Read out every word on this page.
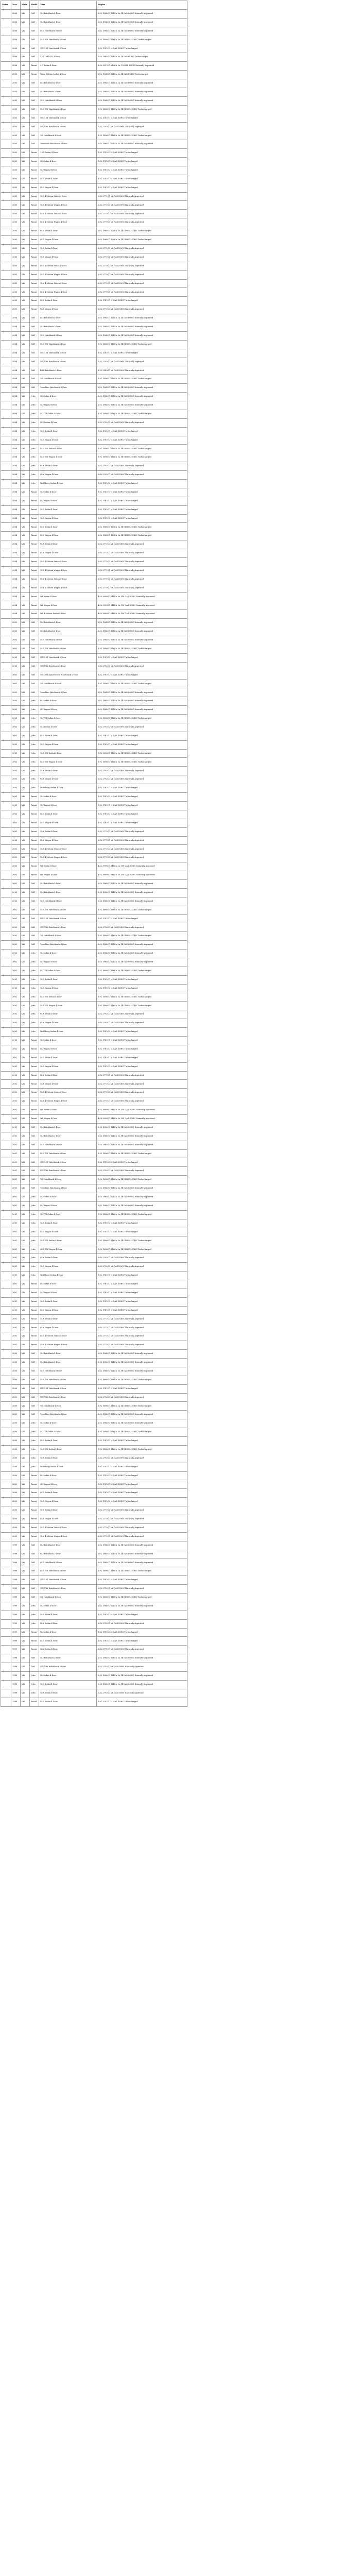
Notes	Year	Make	Model	Trim	Engine
	2006	VW	Golf	GL Hatchback 4-Door	2.0L 1984CC 121Cu. In. l4 GAS SOHC Naturally Aspirated
	2006	VW	Golf	GL Hatchback 2-Door	2.0L 1984CC 121Cu. In. l4 GAS SOHC Naturally Aspirated
	2006	VW	Golf	GLS Hatchback 4-Door	2.0L 1984CC 121Cu. In. l4 GAS SOHC Naturally Aspirated
	2006	VW	Golf	GLS TDI Hatchback 4-Door	1.9L 1896CC 116Cu. In. l4 DIESEL SOHC Turbocharged
	2006	VW	Golf	GTI 1.8T Hatchback 2-Door	1.8L 1781CC l4 GAS DOHC Turbocharged
	2006	VW	Golf	2.0T Golf GTI 2-Door	2.0L 1984CC 121Cu. In. l4 GAS DOHC Turbocharged
	2006	VW	Passat	2.0 Sedan 4-Door	3.6L 3597CC 219Cu. In. V6 GAS DOHC Naturally Aspirated
	2006	VW	Passat	Value Edition Sedan 4-Door	2.0L 1984CC 121Cu. In. l4 GAS DOHC Turbocharged
	2005	VW	Golf	GL Hatchback 4-Door	2.0L 1984CC 121Cu. In. l4 GAS SOHC Naturally Aspirated
	2005	VW	Golf	GL Hatchback 2-Door	2.0L 1984CC 121Cu. In. l4 GAS SOHC Naturally Aspirated
	2005	VW	Golf	GLS Hatchback 4-Door	2.0L 1984CC 121Cu. In. l4 GAS SOHC Naturally Aspirated
	2005	VW	Golf	GLS TDI Hatchback 4-Door	1.9L 1896CC 116Cu. In. l4 DIESEL SOHC Turbocharged
	2005	VW	Golf	GTI 1.8T Hatchback 2-Door	1.8L 1781CC l4 GAS DOHC Turbocharged
	2005	VW	Golf	GTI VR6 Hatchback 2-Door	2.8L 2792CC V6 GAS DOHC Naturally Aspirated
	2005	VW	Golf	Tdi Hatchback 4-Door	1.9L 1896CC 116Cu. In. l4 DIESEL SOHC Turbocharged
	2005	VW	Golf	Trendline Hatchback 4-Door	2.0L 1984CC 121Cu. In. l4 GAS SOHC Naturally Aspirated
	2005	VW	Passat	1.8T Sedan 4-Door	1.8L 1781CC l4 GAS DOHC Turbocharged
	2005	VW	Passat	GL Sedan 4-Door	1.8L 1781CC l4 GAS DOHC Turbocharged
	2005	VW	Passat	GL Wagon 4-Door	1.8L 1781CC l4 GAS DOHC Turbocharged
	2005	VW	Passat	GLS Sedan 4-Door	1.8L 1781CC l4 GAS DOHC Turbocharged
	2005	VW	Passat	GLS Wagon 4-Door	1.8L 1781CC l4 GAS DOHC Turbocharged
	2005	VW	Passat	GLS 4 Motion Sedan 4-Door	2.8L 2771CC V6 GAS DOHC Naturally Aspirated
	2005	VW	Passat	GLS 4 Motion Wagon 4-Door	2.8L 2771CC V6 GAS DOHC Naturally Aspirated
	2005	VW	Passat	GLX 4 Motion Sedan 4-Door	2.8L 2771CC V6 GAS DOHC Naturally Aspirated
	2005	VW	Passat	GLX 4 Motion Wagon 4-Door	2.8L 2771CC V6 GAS DOHC Naturally Aspirated
	2005	VW	Passat	GLS Sedan 4-Door	2.0L 1968CC 120Cu. In. l4 DIESEL SOHC Turbocharged
	2005	VW	Passat	GLS Wagon 4-Door	2.0L 1968CC 120Cu. In. l4 DIESEL SOHC Turbocharged
	2005	VW	Passat	GLX Sedan 4-Door	2.8L 2771CC V6 GAS DOHC Naturally Aspirated
	2005	VW	Passat	GLX Wagon 4-Door	2.8L 2771CC V6 GAS DOHC Naturally Aspirated
	2005	VW	Passat	GLS 4 Motion Sedan 4-Door	2.8L 2771CC V6 GAS DOHC Naturally Aspirated
	2005	VW	Passat	GLS 4 Motion Wagon 4-Door	2.8L 2771CC V6 GAS DOHC Naturally Aspirated
	2005	VW	Passat	GLX 4 Motion Sedan 4-Door	2.8L 2771CC V6 GAS DOHC Naturally Aspirated
	2005	VW	Passat	GLX 4 Motion Wagon 4-Door	2.8L 2771CC V6 GAS DOHC Naturally Aspirated
	2005	VW	Passat	GLS Sedan 4-Door	1.8L 1781CC l4 GAS DOHC Turbocharged
	2005	VW	Passat	GLX Wagon 4-Door	2.8L 2771CC V6 GAS DOHC Naturally Aspirated
	2004	VW	Golf	GL Hatchback 4-Door	2.0L 1984CC 121Cu. In. l4 GAS SOHC Naturally Aspirated
	2004	VW	Golf	GL Hatchback 2-Door	2.0L 1984CC 121Cu. In. l4 GAS SOHC Naturally Aspirated
	2004	VW	Golf	GLS Hatchback 4-Door	2.0L 1984CC 121Cu. In. l4 GAS SOHC Naturally Aspirated
	2004	VW	Golf	GLS TDI Hatchback 4-Door	1.9L 1896CC 116Cu. In. l4 DIESEL SOHC Turbocharged
	2004	VW	Golf	GTI 1.8T Hatchback 2-Door	1.8L 1781CC l4 GAS DOHC Turbocharged
	2004	VW	Golf	GTI VR6 Hatchback 2-Door	2.8L 2792CC V6 GAS DOHC Naturally Aspirated
	2004	VW	Golf	R32 Hatchback 2-Door	3.2L 3189CC V6 GAS DOHC Naturally Aspirated
	2004	VW	Golf	Tdi Hatchback 4-Door	1.9L 1896CC 116Cu. In. l4 DIESEL SOHC Turbocharged
	2004	VW	Golf	Trendline Hatchback 4-Door	2.0L 1984CC 121Cu. In. l4 GAS SOHC Naturally Aspirated
	2004	VW	Jetta	GL Sedan 4-Door	2.0L 1984CC 121Cu. In. l4 GAS SOHC Naturally Aspirated
	2004	VW	Jetta	GL Wagon 4-Door	2.0L 1984CC 121Cu. In. l4 GAS SOHC Naturally Aspirated
	2004	VW	Jetta	GL TDI Sedan 4-Door	1.9L 1896CC 116Cu. In. l4 DIESEL SOHC Turbocharged
	2004	VW	Jetta	GLI Sedan 4-Door	2.8L 2792CC V6 GAS DOHC Naturally Aspirated
	2004	VW	Jetta	GLS Sedan 4-Door	1.8L 1781CC l4 GAS DOHC Turbocharged
	2004	VW	Jetta	GLS Wagon 4-Door	1.8L 1781CC l4 GAS DOHC Turbocharged
	2004	VW	Jetta	GLS TDI Sedan 4-Door	1.9L 1896CC 116Cu. In. l4 DIESEL SOHC Turbocharged
	2004	VW	Jetta	GLS TDI Wagon 4-Door	1.9L 1896CC 116Cu. In. l4 DIESEL SOHC Turbocharged
	2004	VW	Jetta	GLX Sedan 4-Door	2.8L 2792CC V6 GAS DOHC Naturally Aspirated
	2004	VW	Jetta	GLX Wagon 4-Door	2.8L 2792CC V6 GAS DOHC Naturally Aspirated
	2004	VW	Jetta	Wolfsburg Sedan 4-Door	1.8L 1781CC l4 GAS DOHC Turbocharged
	2004	VW	Passat	GL Sedan 4-Door	1.8L 1781CC l4 GAS DOHC Turbocharged
	2004	VW	Passat	GL Wagon 4-Door	1.8L 1781CC l4 GAS DOHC Turbocharged
	2004	VW	Passat	GLS Sedan 4-Door	1.8L 1781CC l4 GAS DOHC Turbocharged
	2004	VW	Passat	GLS Wagon 4-Door	1.8L 1781CC l4 GAS DOHC Turbocharged
	2004	VW	Passat	GLS Sedan 4-Door	2.0L 1968CC 120Cu. In. l4 DIESEL SOHC Turbocharged
	2004	VW	Passat	GLS Wagon 4-Door	2.0L 1968CC 120Cu. In. l4 DIESEL SOHC Turbocharged
	2004	VW	Passat	GLX Sedan 4-Door	2.8L 2771CC V6 GAS DOHC Naturally Aspirated
	2004	VW	Passat	GLX Wagon 4-Door	2.8L 2771CC V6 GAS DOHC Naturally Aspirated
	2004	VW	Passat	GLS 4 Motion Sedan 4-Door	2.8L 2771CC V6 GAS DOHC Naturally Aspirated
	2004	VW	Passat	GLS 4 Motion Wagon 4-Door	2.8L 2771CC V6 GAS DOHC Naturally Aspirated
	2004	VW	Passat	GLX 4 Motion Sedan 4-Door	2.8L 2771CC V6 GAS DOHC Naturally Aspirated
	2004	VW	Passat	GLX 4 Motion Wagon 4-Door	2.8L 2771CC V6 GAS DOHC Naturally Aspirated
	2004	VW	Passat	W8 Sedan 4-Door	4.0L 3999CC 244Cu. In. W8 GAS DOHC Naturally Aspirated
	2004	VW	Passat	W8 Wagon 4-Door	4.0L 3999CC 244Cu. In. W8 GAS DOHC Naturally Aspirated
	2004	VW	Passat	W8 4 Motion Sedan 4-Door	4.0L 3999CC 244Cu. In. W8 GAS DOHC Naturally Aspirated
	2003	VW	Golf	GL Hatchback 4-Door	2.0L 1984CC 121Cu. In. l4 GAS SOHC Naturally Aspirated
	2003	VW	Golf	GL Hatchback 2-Door	2.0L 1984CC 121Cu. In. l4 GAS SOHC Naturally Aspirated
	2003	VW	Golf	GLS Hatchback 4-Door	2.0L 1984CC 121Cu. In. l4 GAS SOHC Naturally Aspirated
	2003	VW	Golf	GLS TDI Hatchback 4-Door	1.9L 1896CC 116Cu. In. l4 DIESEL SOHC Turbocharged
	2003	VW	Golf	GTI 1.8T Hatchback 2-Door	1.8L 1781CC l4 GAS DOHC Turbocharged
	2003	VW	Golf	GTI VR6 Hatchback 2-Door	2.8L 2792CC V6 GAS DOHC Naturally Aspirated
	2003	VW	Golf	GTI 20th Anniversary Hatchback 2-Door	1.8L 1781CC l4 GAS DOHC Turbocharged
	2003	VW	Golf	Tdi Hatchback 4-Door	1.9L 1896CC 116Cu. In. l4 DIESEL SOHC Turbocharged
	2003	VW	Golf	Trendline Hatchback 4-Door	2.0L 1984CC 121Cu. In. l4 GAS SOHC Naturally Aspirated
	2003	VW	Jetta	GL Sedan 4-Door	2.0L 1984CC 121Cu. In. l4 GAS SOHC Naturally Aspirated
	2003	VW	Jetta	GL Wagon 4-Door	2.0L 1984CC 121Cu. In. l4 GAS SOHC Naturally Aspirated
	2003	VW	Jetta	GL TDI Sedan 4-Door	1.9L 1896CC 116Cu. In. l4 DIESEL SOHC Turbocharged
	2003	VW	Jetta	GLI Sedan 4-Door	2.8L 2792CC V6 GAS DOHC Naturally Aspirated
	2003	VW	Jetta	GLS Sedan 4-Door	1.8L 1781CC l4 GAS DOHC Turbocharged
	2003	VW	Jetta	GLS Wagon 4-Door	1.8L 1781CC l4 GAS DOHC Turbocharged
	2003	VW	Jetta	GLS TDI Sedan 4-Door	1.9L 1896CC 116Cu. In. l4 DIESEL SOHC Turbocharged
	2003	VW	Jetta	GLS TDI Wagon 4-Door	1.9L 1896CC 116Cu. In. l4 DIESEL SOHC Turbocharged
	2003	VW	Jetta	GLX Sedan 4-Door	2.8L 2792CC V6 GAS DOHC Naturally Aspirated
	2003	VW	Jetta	GLX Wagon 4-Door	2.8L 2792CC V6 GAS DOHC Naturally Aspirated
	2003	VW	Jetta	Wolfsburg Sedan 4-Door	1.8L 1781CC l4 GAS DOHC Turbocharged
	2003	VW	Passat	GL Sedan 4-Door	1.8L 1781CC l4 GAS DOHC Turbocharged
	2003	VW	Passat	GL Wagon 4-Door	1.8L 1781CC l4 GAS DOHC Turbocharged
	2003	VW	Passat	GLS Sedan 4-Door	1.8L 1781CC l4 GAS DOHC Turbocharged
	2003	VW	Passat	GLS Wagon 4-Door	1.8L 1781CC l4 GAS DOHC Turbocharged
	2003	VW	Passat	GLX Sedan 4-Door	2.8L 2771CC V6 GAS DOHC Naturally Aspirated
	2003	VW	Passat	GLX Wagon 4-Door	2.8L 2771CC V6 GAS DOHC Naturally Aspirated
	2003	VW	Passat	GLS 4 Motion Sedan 4-Door	2.8L 2771CC V6 GAS DOHC Naturally Aspirated
	2003	VW	Passat	GLX 4 Motion Wagon 4-Door	2.8L 2771CC V6 GAS DOHC Naturally Aspirated
	2003	VW	Passat	W8 Sedan 4-Door	4.0L 3999CC 244Cu. In. W8 GAS DOHC Naturally Aspirated
	2003	VW	Passat	W8 Wagon 4-Door	4.0L 3999CC 244Cu. In. W8 GAS DOHC Naturally Aspirated
	2002	VW	Golf	GL Hatchback 4-Door	2.0L 1984CC 121Cu. In. l4 GAS SOHC Naturally Aspirated
	2002	VW	Golf	GL Hatchback 2-Door	2.0L 1984CC 121Cu. In. l4 GAS SOHC Naturally Aspirated
	2002	VW	Golf	GLS Hatchback 4-Door	2.0L 1984CC 121Cu. In. l4 GAS SOHC Naturally Aspirated
	2002	VW	Golf	GLS TDI Hatchback 4-Door	1.9L 1896CC 116Cu. In. l4 DIESEL SOHC Turbocharged
	2002	VW	Golf	GTI 1.8T Hatchback 2-Door	1.8L 1781CC l4 GAS DOHC Turbocharged
	2002	VW	Golf	GTI VR6 Hatchback 2-Door	2.8L 2792CC V6 GAS DOHC Naturally Aspirated
	2002	VW	Golf	Tdi Hatchback 4-Door	1.9L 1896CC 116Cu. In. l4 DIESEL SOHC Turbocharged
	2002	VW	Golf	Trendline Hatchback 4-Door	2.0L 1984CC 121Cu. In. l4 GAS SOHC Naturally Aspirated
	2002	VW	Jetta	GL Sedan 4-Door	2.0L 1984CC 121Cu. In. l4 GAS SOHC Naturally Aspirated
	2002	VW	Jetta	GL Wagon 4-Door	2.0L 1984CC 121Cu. In. l4 GAS SOHC Naturally Aspirated
	2002	VW	Jetta	GL TDI Sedan 4-Door	1.9L 1896CC 116Cu. In. l4 DIESEL SOHC Turbocharged
	2002	VW	Jetta	GLS Sedan 4-Door	1.8L 1781CC l4 GAS DOHC Turbocharged
	2002	VW	Jetta	GLS Wagon 4-Door	1.8L 1781CC l4 GAS DOHC Turbocharged
	2002	VW	Jetta	GLS TDI Sedan 4-Door	1.9L 1896CC 116Cu. In. l4 DIESEL SOHC Turbocharged
	2002	VW	Jetta	GLS TDI Wagon 4-Door	1.9L 1896CC 116Cu. In. l4 DIESEL SOHC Turbocharged
	2002	VW	Jetta	GLX Sedan 4-Door	2.8L 2792CC V6 GAS DOHC Naturally Aspirated
	2002	VW	Jetta	GLX Wagon 4-Door	2.8L 2792CC V6 GAS DOHC Naturally Aspirated
	2002	VW	Jetta	Wolfsburg Sedan 4-Door	1.8L 1781CC l4 GAS DOHC Turbocharged
	2002	VW	Passat	GL Sedan 4-Door	1.8L 1781CC l4 GAS DOHC Turbocharged
	2002	VW	Passat	GL Wagon 4-Door	1.8L 1781CC l4 GAS DOHC Turbocharged
	2002	VW	Passat	GLS Sedan 4-Door	1.8L 1781CC l4 GAS DOHC Turbocharged
	2002	VW	Passat	GLS Wagon 4-Door	1.8L 1781CC l4 GAS DOHC Turbocharged
	2002	VW	Passat	GLX Sedan 4-Door	2.8L 2771CC V6 GAS DOHC Naturally Aspirated
	2002	VW	Passat	GLX Wagon 4-Door	2.8L 2771CC V6 GAS DOHC Naturally Aspirated
	2002	VW	Passat	GLS 4 Motion Sedan 4-Door	2.8L 2771CC V6 GAS DOHC Naturally Aspirated
	2002	VW	Passat	GLX 4 Motion Wagon 4-Door	2.8L 2771CC V6 GAS DOHC Naturally Aspirated
	2002	VW	Passat	W8 Sedan 4-Door	4.0L 3999CC 244Cu. In. W8 GAS DOHC Naturally Aspirated
	2002	VW	Passat	W8 Wagon 4-Door	4.0L 3999CC 244Cu. In. W8 GAS DOHC Naturally Aspirated
	2001	VW	Golf	GL Hatchback 4-Door	2.0L 1984CC 121Cu. In. l4 GAS SOHC Naturally Aspirated
	2001	VW	Golf	GL Hatchback 2-Door	2.0L 1984CC 121Cu. In. l4 GAS SOHC Naturally Aspirated
	2001	VW	Golf	GLS Hatchback 4-Door	2.0L 1984CC 121Cu. In. l4 GAS SOHC Naturally Aspirated
	2001	VW	Golf	GLS TDI Hatchback 4-Door	1.9L 1896CC 116Cu. In. l4 DIESEL SOHC Turbocharged
	2001	VW	Golf	GTI 1.8T Hatchback 2-Door	1.8L 1781CC l4 GAS DOHC Turbocharged
	2001	VW	Golf	GTI VR6 Hatchback 2-Door	2.8L 2792CC V6 GAS DOHC Naturally Aspirated
	2001	VW	Golf	Tdi Hatchback 4-Door	1.9L 1896CC 116Cu. In. l4 DIESEL SOHC Turbocharged
	2001	VW	Golf	Trendline Hatchback 4-Door	2.0L 1984CC 121Cu. In. l4 GAS SOHC Naturally Aspirated
	2001	VW	Jetta	GL Sedan 4-Door	2.0L 1984CC 121Cu. In. l4 GAS SOHC Naturally Aspirated
	2001	VW	Jetta	GL Wagon 4-Door	2.0L 1984CC 121Cu. In. l4 GAS SOHC Naturally Aspirated
	2001	VW	Jetta	GL TDI Sedan 4-Door	1.9L 1896CC 116Cu. In. l4 DIESEL SOHC Turbocharged
	2001	VW	Jetta	GLS Sedan 4-Door	1.8L 1781CC l4 GAS DOHC Turbocharged
	2001	VW	Jetta	GLS Wagon 4-Door	1.8L 1781CC l4 GAS DOHC Turbocharged
	2001	VW	Jetta	GLS TDI Sedan 4-Door	1.9L 1896CC 116Cu. In. l4 DIESEL SOHC Turbocharged
	2001	VW	Jetta	GLS TDI Wagon 4-Door	1.9L 1896CC 116Cu. In. l4 DIESEL SOHC Turbocharged
	2001	VW	Jetta	GLX Sedan 4-Door	2.8L 2792CC V6 GAS DOHC Naturally Aspirated
	2001	VW	Jetta	GLX Wagon 4-Door	2.8L 2792CC V6 GAS DOHC Naturally Aspirated
	2001	VW	Jetta	Wolfsburg Sedan 4-Door	1.8L 1781CC l4 GAS DOHC Turbocharged
	2001	VW	Passat	GL Sedan 4-Door	1.8L 1781CC l4 GAS DOHC Turbocharged
	2001	VW	Passat	GL Wagon 4-Door	1.8L 1781CC l4 GAS DOHC Turbocharged
	2001	VW	Passat	GLS Sedan 4-Door	1.8L 1781CC l4 GAS DOHC Turbocharged
	2001	VW	Passat	GLS Wagon 4-Door	1.8L 1781CC l4 GAS DOHC Turbocharged
	2001	VW	Passat	GLX Sedan 4-Door	2.8L 2771CC V6 GAS DOHC Naturally Aspirated
	2001	VW	Passat	GLX Wagon 4-Door	2.8L 2771CC V6 GAS DOHC Naturally Aspirated
	2001	VW	Passat	GLS 4 Motion Sedan 4-Door	2.8L 2771CC V6 GAS DOHC Naturally Aspirated
	2001	VW	Passat	GLX 4 Motion Wagon 4-Door	2.8L 2771CC V6 GAS DOHC Naturally Aspirated
	2000	VW	Golf	GL Hatchback 4-Door	2.0L 1984CC 121Cu. In. l4 GAS SOHC Naturally Aspirated
	2000	VW	Golf	GL Hatchback 2-Door	2.0L 1984CC 121Cu. In. l4 GAS SOHC Naturally Aspirated
	2000	VW	Golf	GLS Hatchback 4-Door	2.0L 1984CC 121Cu. In. l4 GAS SOHC Naturally Aspirated
	2000	VW	Golf	GLS TDI Hatchback 4-Door	1.9L 1896CC 116Cu. In. l4 DIESEL SOHC Turbocharged
	2000	VW	Golf	GTI 1.8T Hatchback 2-Door	1.8L 1781CC l4 GAS DOHC Turbocharged
	2000	VW	Golf	GTI VR6 Hatchback 2-Door	2.8L 2792CC V6 GAS DOHC Naturally Aspirated
	2000	VW	Golf	Tdi Hatchback 4-Door	1.9L 1896CC 116Cu. In. l4 DIESEL SOHC Turbocharged
	2000	VW	Golf	Trendline Hatchback 4-Door	2.0L 1984CC 121Cu. In. l4 GAS SOHC Naturally Aspirated
	2000	VW	Jetta	GL Sedan 4-Door	2.0L 1984CC 121Cu. In. l4 GAS SOHC Naturally Aspirated
	2000	VW	Jetta	GL TDI Sedan 4-Door	1.9L 1896CC 116Cu. In. l4 DIESEL SOHC Turbocharged
	2000	VW	Jetta	GLS Sedan 4-Door	1.8L 1781CC l4 GAS DOHC Turbocharged
	2000	VW	Jetta	GLS TDI Sedan 4-Door	1.9L 1896CC 116Cu. In. l4 DIESEL SOHC Turbocharged
	2000	VW	Jetta	GLX Sedan 4-Door	2.8L 2792CC V6 GAS DOHC Naturally Aspirated
	2000	VW	Jetta	Wolfsburg Sedan 4-Door	1.8L 1781CC l4 GAS DOHC Turbocharged
	2000	VW	Passat	GL Sedan 4-Door	1.8L 1781CC l4 GAS DOHC Turbocharged
	2000	VW	Passat	GL Wagon 4-Door	1.8L 1781CC l4 GAS DOHC Turbocharged
	2000	VW	Passat	GLS Sedan 4-Door	1.8L 1781CC l4 GAS DOHC Turbocharged
	2000	VW	Passat	GLS Wagon 4-Door	1.8L 1781CC l4 GAS DOHC Turbocharged
	2000	VW	Passat	GLX Sedan 4-Door	2.8L 2771CC V6 GAS DOHC Naturally Aspirated
	2000	VW	Passat	GLX Wagon 4-Door	2.8L 2771CC V6 GAS DOHC Naturally Aspirated
	2000	VW	Passat	GLS 4 Motion Sedan 4-Door	2.8L 2771CC V6 GAS DOHC Naturally Aspirated
	2000	VW	Passat	GLX 4 Motion Wagon 4-Door	2.8L 2771CC V6 GAS DOHC Naturally Aspirated
	1999	VW	Golf	GL Hatchback 4-Door	2.0L 1984CC 121Cu. In. l4 GAS SOHC Naturally Aspirated
	1999	VW	Golf	GL Hatchback 2-Door	2.0L 1984CC 121Cu. In. l4 GAS SOHC Naturally Aspirated
	1999	VW	Golf	GLS Hatchback 4-Door	2.0L 1984CC 121Cu. In. l4 GAS SOHC Naturally Aspirated
	1999	VW	Golf	GLS TDI Hatchback 4-Door	1.9L 1896CC 116Cu. In. l4 DIESEL SOHC Turbocharged
	1999	VW	Golf	GTI 1.8T Hatchback 2-Door	1.8L 1781CC l4 GAS DOHC Turbocharged
	1999	VW	Golf	GTI VR6 Hatchback 2-Door	2.8L 2792CC V6 GAS DOHC Naturally Aspirated
	1999	VW	Golf	Tdi Hatchback 4-Door	1.9L 1896CC 116Cu. In. l4 DIESEL SOHC Turbocharged
	1999	VW	Jetta	GL Sedan 4-Door	2.0L 1984CC 121Cu. In. l4 GAS SOHC Naturally Aspirated
	1999	VW	Jetta	GLS Sedan 4-Door	1.8L 1781CC l4 GAS DOHC Turbocharged
	1999	VW	Jetta	GLX Sedan 4-Door	2.8L 2792CC V6 GAS DOHC Naturally Aspirated
	1999	VW	Passat	GL Sedan 4-Door	1.8L 1781CC l4 GAS DOHC Turbocharged
	1999	VW	Passat	GLS Sedan 4-Door	1.8L 1781CC l4 GAS DOHC Turbocharged
	1999	VW	Passat	GLX Sedan 4-Door	2.8L 2771CC V6 GAS DOHC Naturally Aspirated
	1998	VW	Golf	GL Hatchback 4-Door	2.0L 1984CC 121Cu. In. l4 GAS SOHC Naturally Aspirated
	1998	VW	Golf	GTI VR6 Hatchback 2-Door	2.8L 2792CC V6 GAS SOHC Naturally Aspirated
	1998	VW	Jetta	GL Sedan 4-Door	2.0L 1984CC 121Cu. In. l4 GAS SOHC Naturally Aspirated
	1998	VW	Jetta	GLS Sedan 4-Door	2.0L 1984CC 121Cu. In. l4 GAS SOHC Naturally Aspirated
	1998	VW	Jetta	GLX Sedan 4-Door	2.8L 2792CC V6 GAS SOHC Naturally Aspirated
	1998	VW	Passat	GLS Sedan 4-Door	1.8L 1781CC l4 GAS DOHC Turbocharged
